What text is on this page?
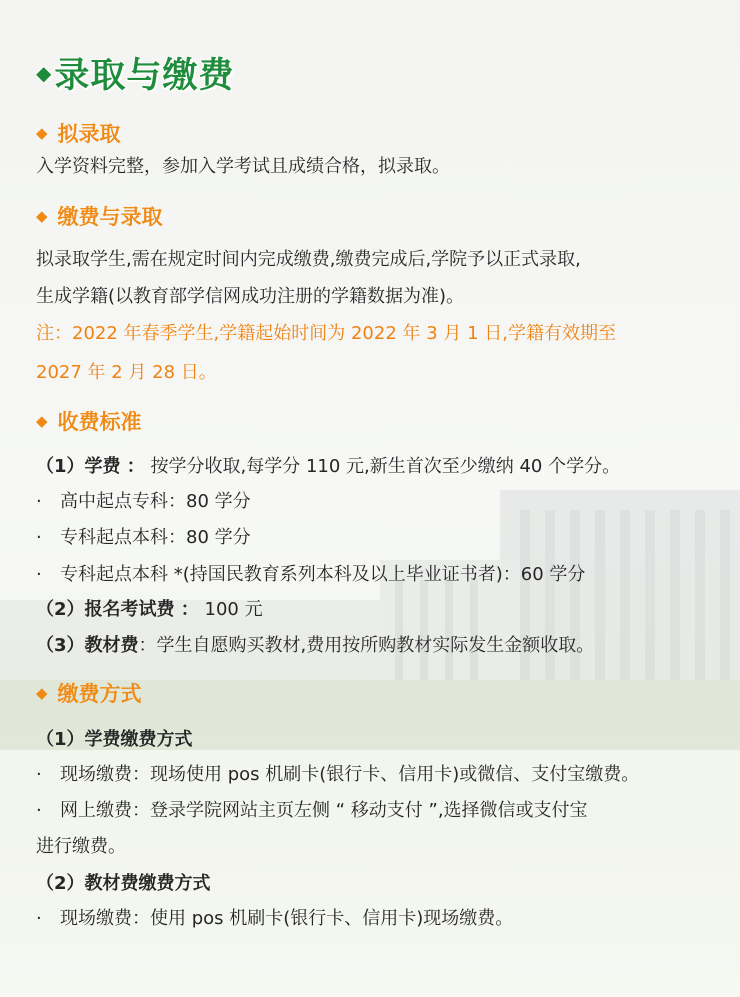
◆ 录取与缴费
◆ 拟录取
入学资料完整，参加入学考试且成绩合格，拟录取。
◆ 缴费与录取
拟录取学生,需在规定时间内完成缴费,缴费完成后,学院予以正式录取,
生成学籍(以教育部学信网成功注册的学籍数据为准)。
注：2022 年春季学生,学籍起始时间为 2022 年 3 月 1 日,学籍有效期至
2027 年 2 月 28 日。
◆ 收费标准
（1）学费 ： 按学分收取,每学分 110 元,新生首次至少缴纳 40 个学分。
· 高中起点专科：80 学分
· 专科起点本科：80 学分
· 专科起点本科 *(持国民教育系列本科及以上毕业证书者)：60 学分
（2）报名考试费 ： 100 元
（3）教材费：学生自愿购买教材,费用按所购教材实际发生金额收取。
◆ 缴费方式
（1）学费缴费方式
· 现场缴费：现场使用 pos 机刷卡(银行卡、信用卡)或微信、支付宝缴费。
· 网上缴费：登录学院网站主页左侧 “ 移动支付 ”,选择微信或支付宝
进行缴费。
（2）教材费缴费方式
· 现场缴费：使用 pos 机刷卡(银行卡、信用卡)现场缴费。
